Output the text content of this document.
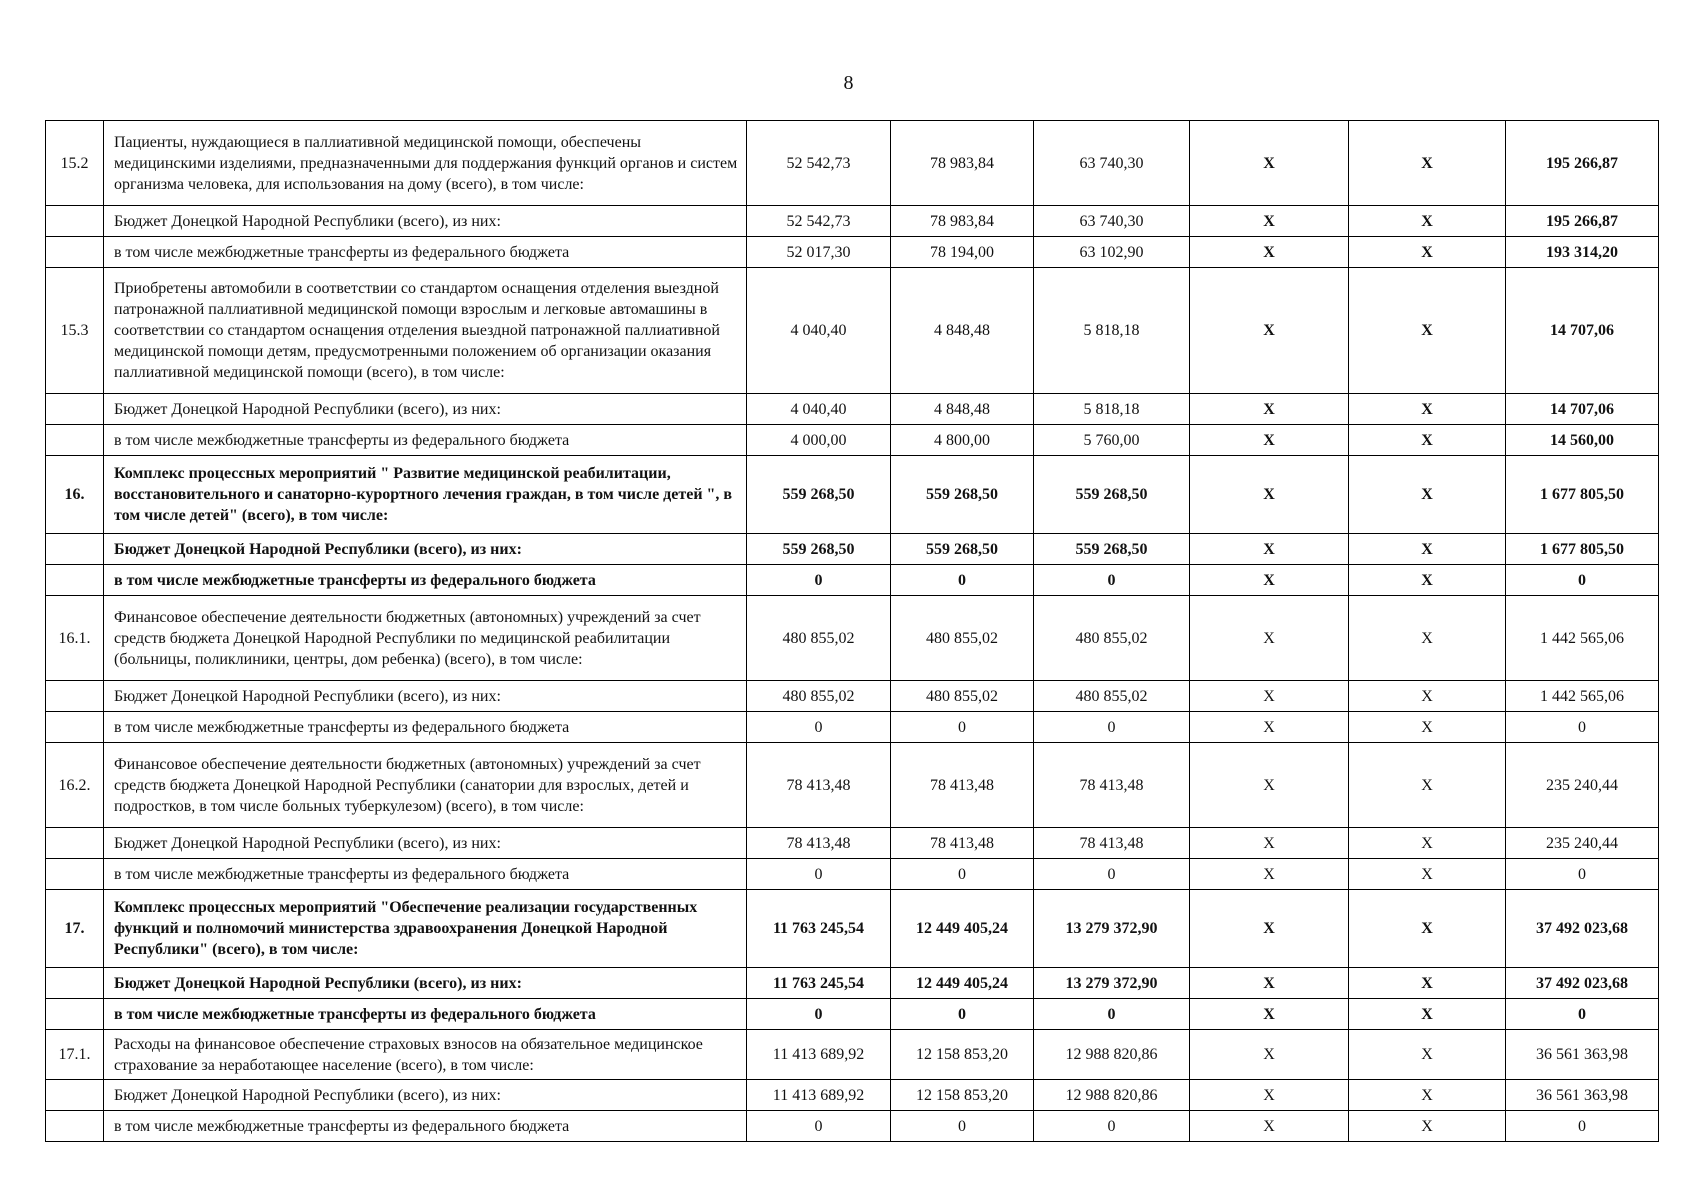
8
15.2	Пациенты, нуждающиеся в паллиативной медицинской помощи, обеспечены медицинскими изделиями, предназначенными для поддержания функций органов и систем организма человека, для использования на дому (всего), в том числе:	52 542,73	78 983,84	63 740,30	X	X	195 266,87
	Бюджет Донецкой Народной Республики (всего), из них:	52 542,73	78 983,84	63 740,30	X	X	195 266,87
	в том числе межбюджетные трансферты из федерального бюджета	52 017,30	78 194,00	63 102,90	X	X	193 314,20
15.3	Приобретены автомобили в соответствии со стандартом оснащения отделения выездной патронажной паллиативной медицинской помощи взрослым и легковые автомашины в соответствии со стандартом оснащения отделения выездной патронажной паллиативной медицинской помощи детям, предусмотренными положением об организации оказания паллиативной медицинской помощи (всего), в том числе:	4 040,40	4 848,48	5 818,18	X	X	14 707,06
	Бюджет Донецкой Народной Республики (всего), из них:	4 040,40	4 848,48	5 818,18	X	X	14 707,06
	в том числе межбюджетные трансферты из федерального бюджета	4 000,00	4 800,00	5 760,00	X	X	14 560,00
16.	Комплекс процессных мероприятий " Развитие медицинской реабилитации, восстановительного и санаторно-курортного лечения граждан, в том числе детей ", в том числе детей" (всего), в том числе:	559 268,50	559 268,50	559 268,50	X	X	1 677 805,50
	Бюджет Донецкой Народной Республики (всего), из них:	559 268,50	559 268,50	559 268,50	X	X	1 677 805,50
	в том числе межбюджетные трансферты из федерального бюджета	0	0	0	X	X	0
16.1.	Финансовое обеспечение деятельности бюджетных (автономных) учреждений за счет средств бюджета Донецкой Народной Республики по медицинской реабилитации (больницы, поликлиники, центры, дом ребенка) (всего), в том числе:	480 855,02	480 855,02	480 855,02	X	X	1 442 565,06
	Бюджет Донецкой Народной Республики (всего), из них:	480 855,02	480 855,02	480 855,02	X	X	1 442 565,06
	в том числе межбюджетные трансферты из федерального бюджета	0	0	0	X	X	0
16.2.	Финансовое обеспечение деятельности бюджетных (автономных) учреждений за счет средств бюджета Донецкой Народной Республики (санатории для взрослых, детей и подростков, в том числе больных туберкулезом) (всего), в том числе:	78 413,48	78 413,48	78 413,48	X	X	235 240,44
	Бюджет Донецкой Народной Республики (всего), из них:	78 413,48	78 413,48	78 413,48	X	X	235 240,44
	в том числе межбюджетные трансферты из федерального бюджета	0	0	0	X	X	0
17.	Комплекс процессных мероприятий "Обеспечение реализации государственных функций и полномочий министерства здравоохранения Донецкой Народной Республики" (всего), в том числе:	11 763 245,54	12 449 405,24	13 279 372,90	X	X	37 492 023,68
	Бюджет Донецкой Народной Республики (всего), из них:	11 763 245,54	12 449 405,24	13 279 372,90	X	X	37 492 023,68
	в том числе межбюджетные трансферты из федерального бюджета	0	0	0	X	X	0
17.1.	Расходы на финансовое обеспечение страховых взносов на обязательное медицинское страхование за неработающее население (всего), в том числе:	11 413 689,92	12 158 853,20	12 988 820,86	X	X	36 561 363,98
	Бюджет Донецкой Народной Республики (всего), из них:	11 413 689,92	12 158 853,20	12 988 820,86	X	X	36 561 363,98
	в том числе межбюджетные трансферты из федерального бюджета	0	0	0	X	X	0
